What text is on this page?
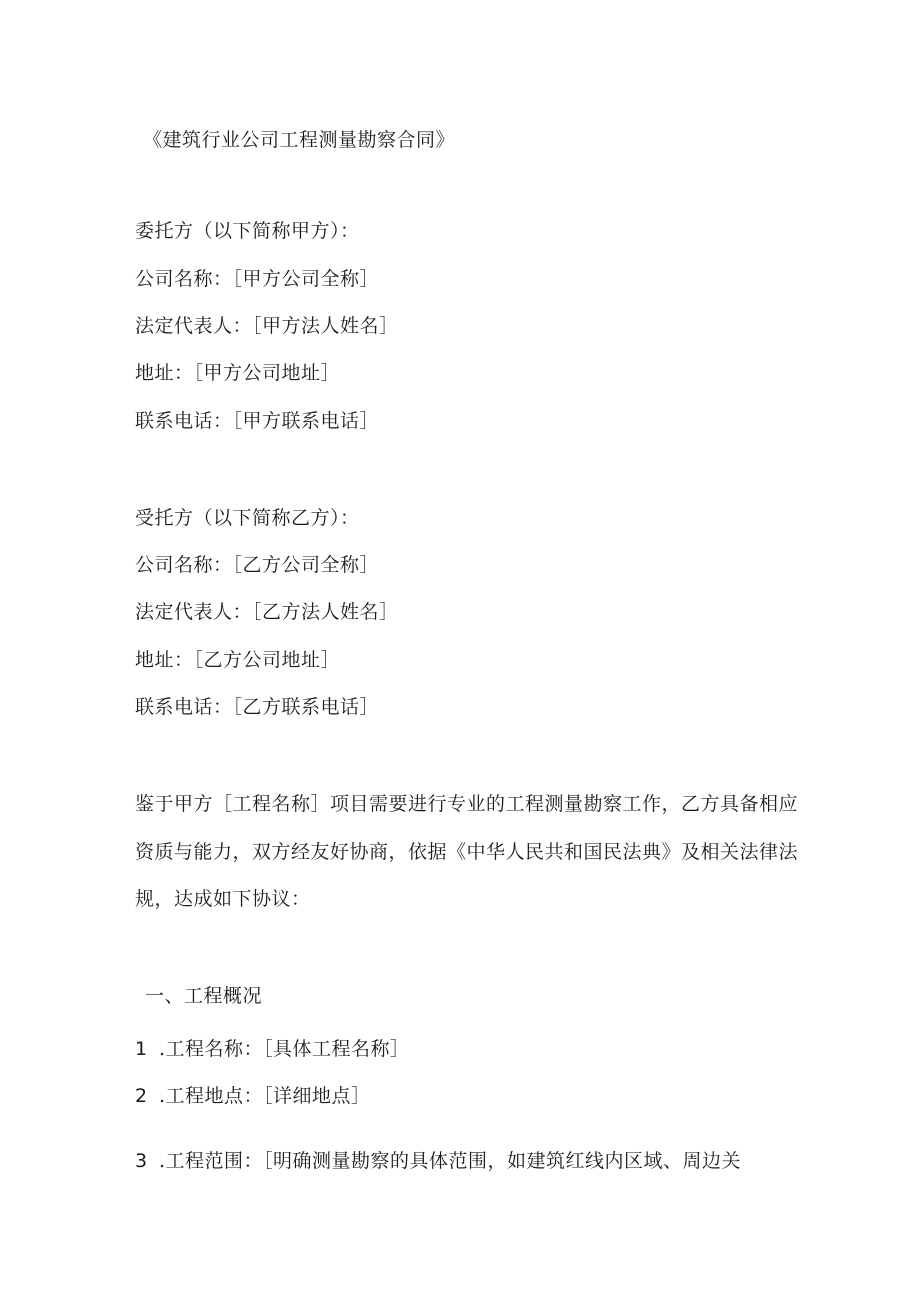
《建筑行业公司工程测量勘察合同》
委托方（以下简称甲方）：
公司名称：［甲方公司全称］
法定代表人：［甲方法人姓名］
地址：［甲方公司地址］
联系电话：［甲方联系电话］
受托方（以下简称乙方）：
公司名称：［乙方公司全称］
法定代表人：［乙方法人姓名］
地址：［乙方公司地址］
联系电话：［乙方联系电话］
鉴于甲方［工程名称］项目需要进行专业的工程测量勘察工作，乙方具备相应
资质与能力，双方经友好协商，依据《中华人民共和国民法典》及相关法律法
规，达成如下协议：
一、工程概况
1 .工程名称：［具体工程名称］
2 .工程地点：［详细地点］
3 .工程范围：［明确测量勘察的具体范围，如建筑红线内区域、周边关
